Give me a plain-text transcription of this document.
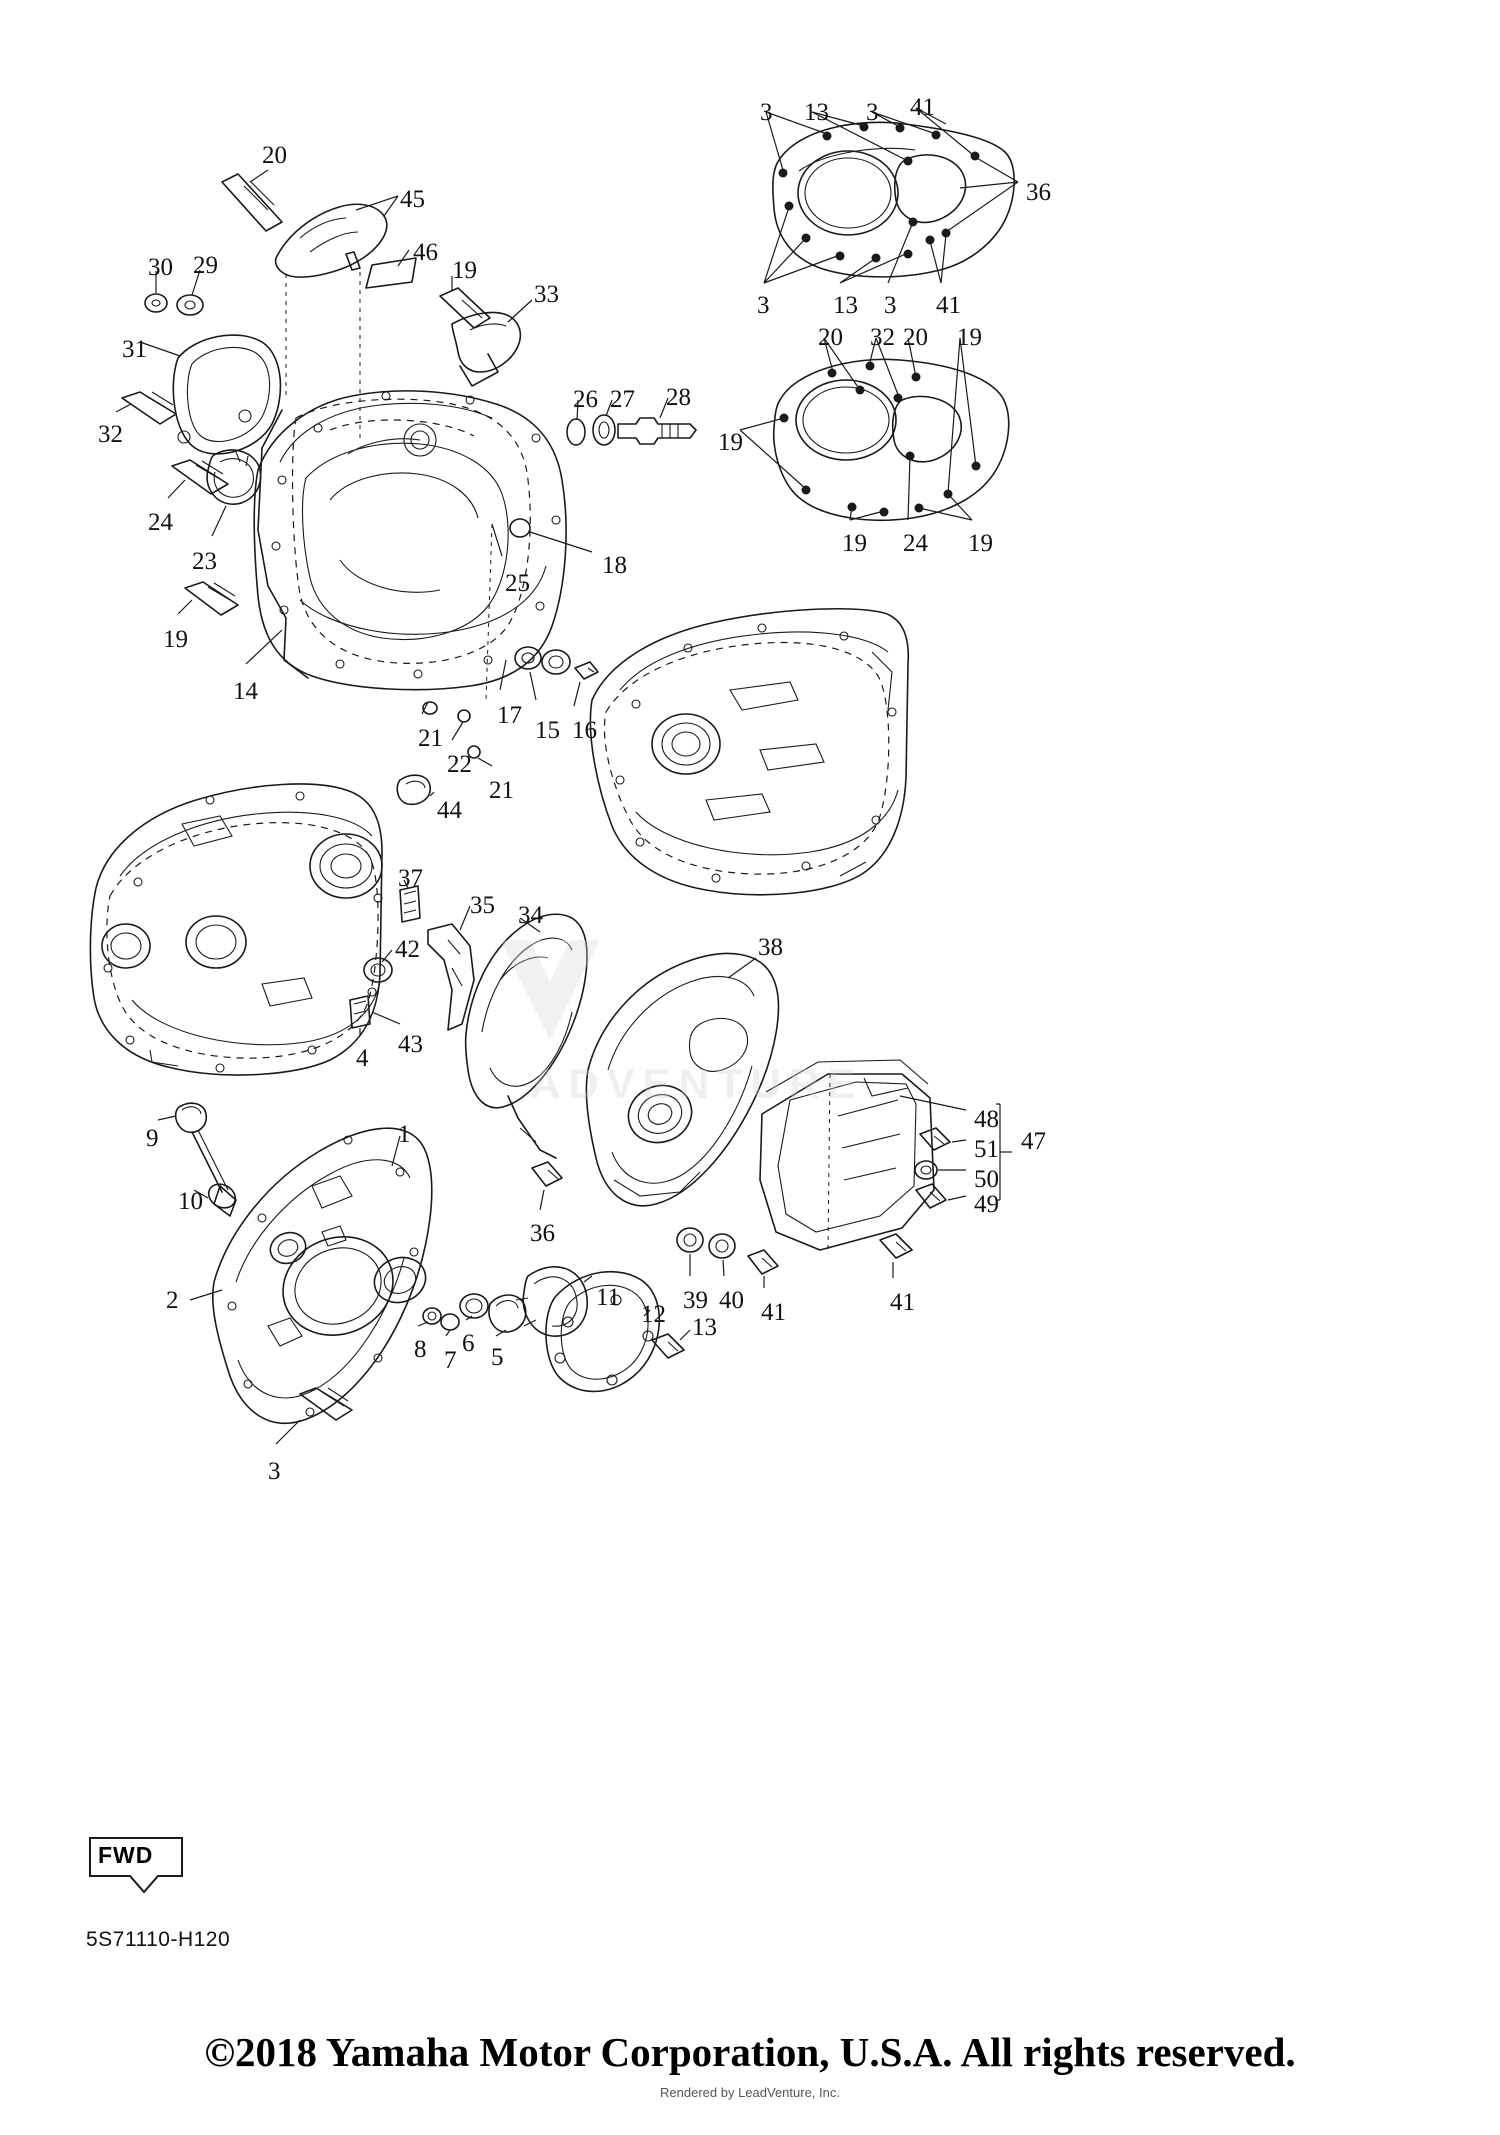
ADVENTURE
FWD
5S71110-H120
20
45
46
19
33
30 29
31
32
24
23
19
14
26 27 28
18
25
21
22
17
15 16
21
3 13 3 41
36
3	13 3 41
20 32 20 19
19
19 24 19
44
37
35 34
42	38
43
4
9	1
10
2
36
39 40 41
11
12 13
8 7
6
5
3
48
47
51
50
49
41
©2018 Yamaha Motor Corporation, U.S.A. All rights reserved.
Rendered by LeadVenture, Inc.
